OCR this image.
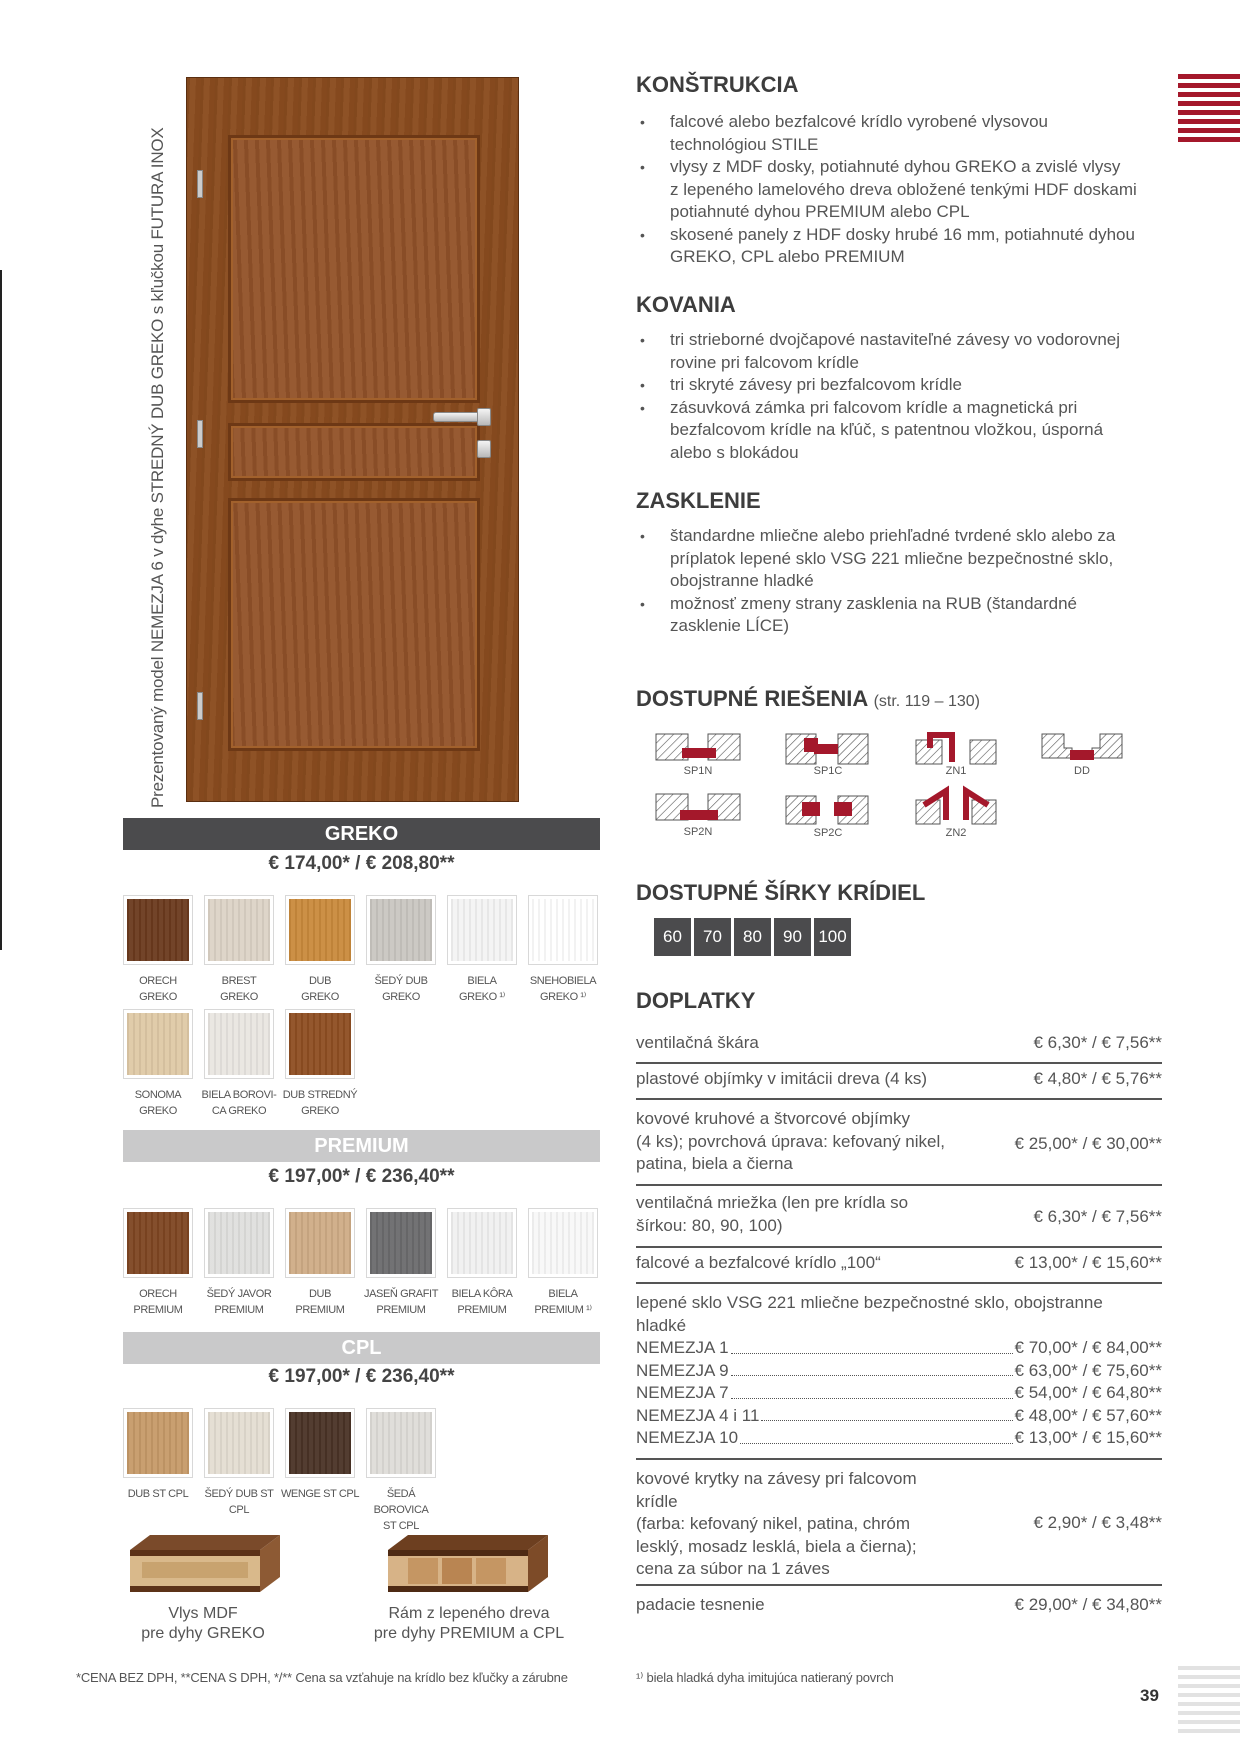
Prezentovaný model NEMEZJA 6 v dyhe STREDNÝ DUB GREKO s kľučkou FUTURA INOX
GREKO
€ 174,00* / € 208,80**
ORECH
GREKO
BREST
GREKO
DUB
GREKO
ŠEDÝ DUB
GREKO
BIELA
GREKO ¹⁾
SNEHOBIELA
GREKO ¹⁾
SONOMA
GREKO
BIELA BOROVI-
CA GREKO
DUB STREDNÝ
GREKO
PREMIUM
€ 197,00* / € 236,40**
ORECH
PREMIUM
ŠEDÝ JAVOR
PREMIUM
DUB
PREMIUM
JASEŇ GRAFIT
PREMIUM
BIELA KÔRA
PREMIUM
BIELA
PREMIUM ¹⁾
CPL
€ 197,00* / € 236,40**
DUB ST CPL	ŠEDÝ DUB ST CPL
WENGE ST CPL	ŠEDÁ BOROVICA
ST CPL
Vlys MDF
pre dyhy GREKO
Rám z lepeného dreva
pre dyhy PREMIUM a CPL
KONŠTRUKCIA
• falcové alebo bezfalcové krídlo vyrobené vlysovou
technológiou STILE
• vlysy z MDF dosky, potiahnuté dyhou GREKO a zvislé vlysy
z lepeného lamelového dreva obložené tenkými HDF doskami
potiahnuté dyhou PREMIUM alebo CPL
• skosené panely z HDF dosky hrubé 16 mm, potiahnuté dyhou
GREKO, CPL alebo PREMIUM
KOVANIA
• tri strieborné dvojčapové nastaviteľné závesy vo vodorovnej
rovine pri falcovom krídle
• tri skryté závesy pri bezfalcovom krídle
• zásuvková zámka pri falcovom krídle a magnetická pri
bezfalcovom krídle na kľúč, s patentnou vložkou, úsporná
alebo s blokádou
ZASKLENIE
• štandardne mliečne alebo priehľadné tvrdené sklo alebo za
príplatok lepené sklo VSG 221 mliečne bezpečnostné sklo,
obojstranne hladké
• možnosť zmeny strany zasklenia na RUB (štandardné
zasklenie LÍCE)
DOSTUPNÉ RIEŠENIA (str. 119 – 130)
SP1N	SP1C	ZN1	DD
SP2N	SP2C	ZN2
DOSTUPNÉ ŠÍRKY KRÍDIEL
60	70	80	90 100
DOPLATKY
ventilačná škára	€ 6,30* / € 7,56**
plastové objímky v imitácii dreva (4 ks)	€ 4,80* / € 5,76**
kovové kruhové a štvorcové objímky
(4 ks); povrchová úprava: kefovaný nikel,
patina, biela a čierna
€ 25,00* / € 30,00**
ventilačná mriežka (len pre krídla so
šírkou: 80, 90, 100)	€ 6,30* / € 7,56**
falcové a bezfalcové krídlo „100“	€ 13,00* / € 15,60**
lepené sklo VSG 221 mliečne bezpečnostné sklo, obojstranne
hladké
NEMEZJA 1	€ 70,00* / € 84,00**
NEMEZJA 9	€ 63,00* / € 75,60**
NEMEZJA 7	€ 54,00* / € 64,80**
NEMEZJA 4 i 11	€ 48,00* / € 57,60**
NEMEZJA 10	€ 13,00* / € 15,60**
kovové krytky na závesy pri falcovom
krídle
(farba: kefovaný nikel, patina, chróm
lesklý, mosadz lesklá, biela a čierna);
cena za súbor na 1 záves
€ 2,90* / € 3,48**
padacie tesnenie	€ 29,00* / € 34,80**
*CENA BEZ DPH, **CENA S DPH, */** Cena sa vzťahuje na krídlo bez kľučky a zárubne	¹⁾ biela hladká dyha imitujúca natieraný povrch
39
